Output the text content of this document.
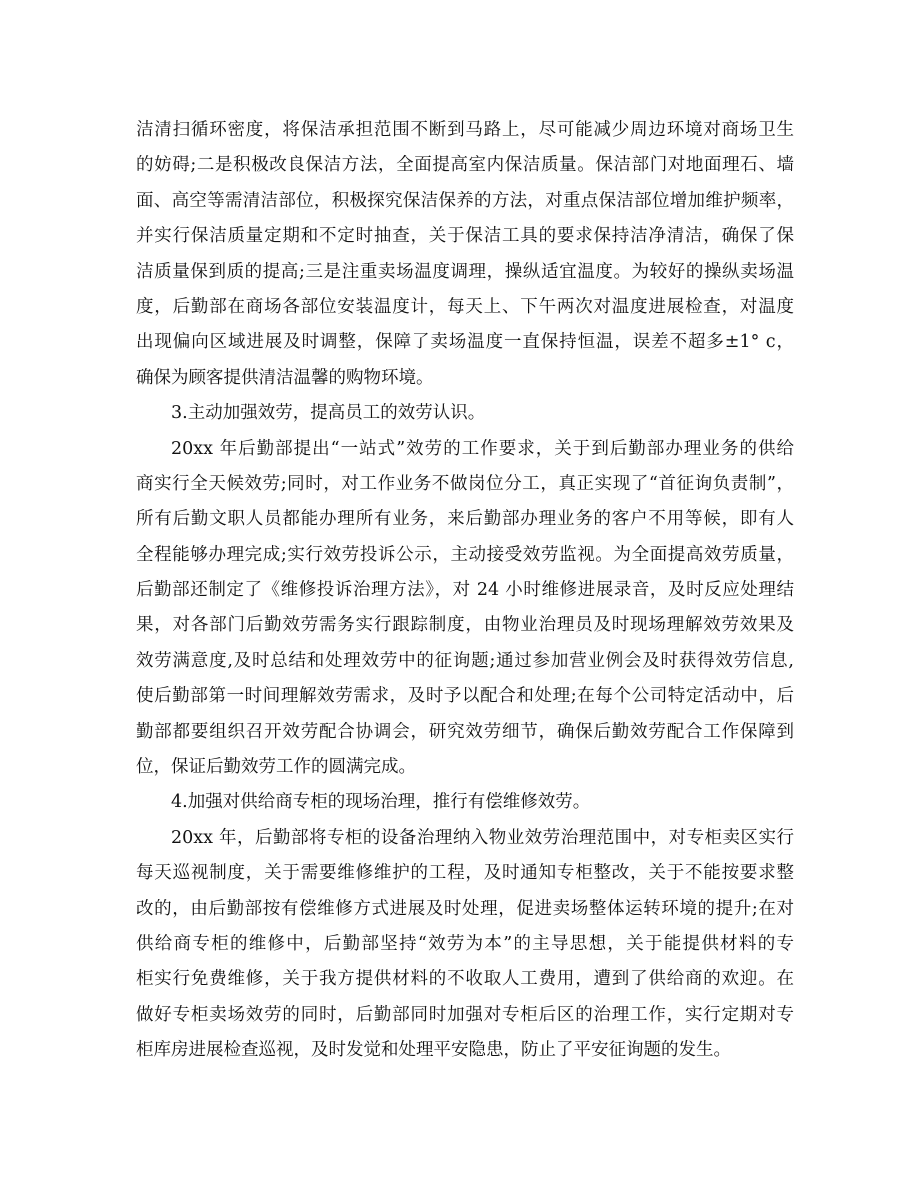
洁清扫循环密度，将保洁承担范围不断到马路上，尽可能减少周边环境对商场卫生
的妨碍;二是积极改良保洁方法，全面提高室内保洁质量。保洁部门对地面理石、墙
面、高空等需清洁部位，积极探究保洁保养的方法，对重点保洁部位增加维护频率，
并实行保洁质量定期和不定时抽查，关于保洁工具的要求保持洁净清洁，确保了保
洁质量保到质的提高;三是注重卖场温度调理，操纵适宜温度。为较好的操纵卖场温
度，后勤部在商场各部位安装温度计，每天上、下午两次对温度进展检查，对温度
出现偏向区域进展及时调整，保障了卖场温度一直保持恒温，误差不超多±1° c，
确保为顾客提供清洁温馨的购物环境。
3.主动加强效劳，提高员工的效劳认识。
20xx 年后勤部提出“一站式”效劳的工作要求，关于到后勤部办理业务的供给
商实行全天候效劳;同时，对工作业务不做岗位分工，真正实现了“首征询负责制”，
所有后勤文职人员都能办理所有业务，来后勤部办理业务的客户不用等候，即有人
全程能够办理完成;实行效劳投诉公示，主动接受效劳监视。为全面提高效劳质量，
后勤部还制定了《维修投诉治理方法》，对 24 小时维修进展录音，及时反应处理结
果，对各部门后勤效劳需务实行跟踪制度，由物业治理员及时现场理解效劳效果及
效劳满意度,及时总结和处理效劳中的征询题;通过参加营业例会及时获得效劳信息,
使后勤部第一时间理解效劳需求，及时予以配合和处理;在每个公司特定活动中，后
勤部都要组织召开效劳配合协调会，研究效劳细节，确保后勤效劳配合工作保障到
位，保证后勤效劳工作的圆满完成。
4.加强对供给商专柜的现场治理，推行有偿维修效劳。
20xx 年，后勤部将专柜的设备治理纳入物业效劳治理范围中，对专柜卖区实行
每天巡视制度，关于需要维修维护的工程，及时通知专柜整改，关于不能按要求整
改的，由后勤部按有偿维修方式进展及时处理，促进卖场整体运转环境的提升;在对
供给商专柜的维修中，后勤部坚持“效劳为本”的主导思想，关于能提供材料的专
柜实行免费维修，关于我方提供材料的不收取人工费用，遭到了供给商的欢迎。在
做好专柜卖场效劳的同时，后勤部同时加强对专柜后区的治理工作，实行定期对专
柜库房进展检查巡视，及时发觉和处理平安隐患，防止了平安征询题的发生。
